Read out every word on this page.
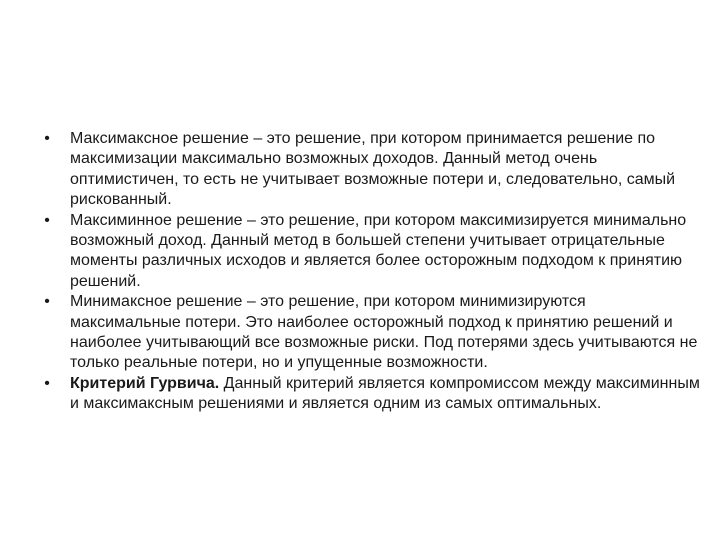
• Максимаксное решение – это решение, при котором принимается решение по максимизации максимально возможных доходов. Данный метод очень оптимистичен, то есть не учитывает возможные потери и, следовательно, самый рискованный.
• Максиминное решение – это решение, при котором максимизируется минимально возможный доход. Данный метод в большей степени учитывает отрицательные моменты различных исходов и является более осторожным подходом к принятию решений.
• Минимаксное решение – это решение, при котором минимизируются максимальные потери. Это наиболее осторожный подход к принятию решений и наиболее учитывающий все возможные риски. Под потерями здесь учитываются не только реальные потери, но и упущенные возможности.
• Критерий Гурвича. Данный критерий является компромиссом между максиминным и максимаксным решениями и является одним из самых оптимальных.
